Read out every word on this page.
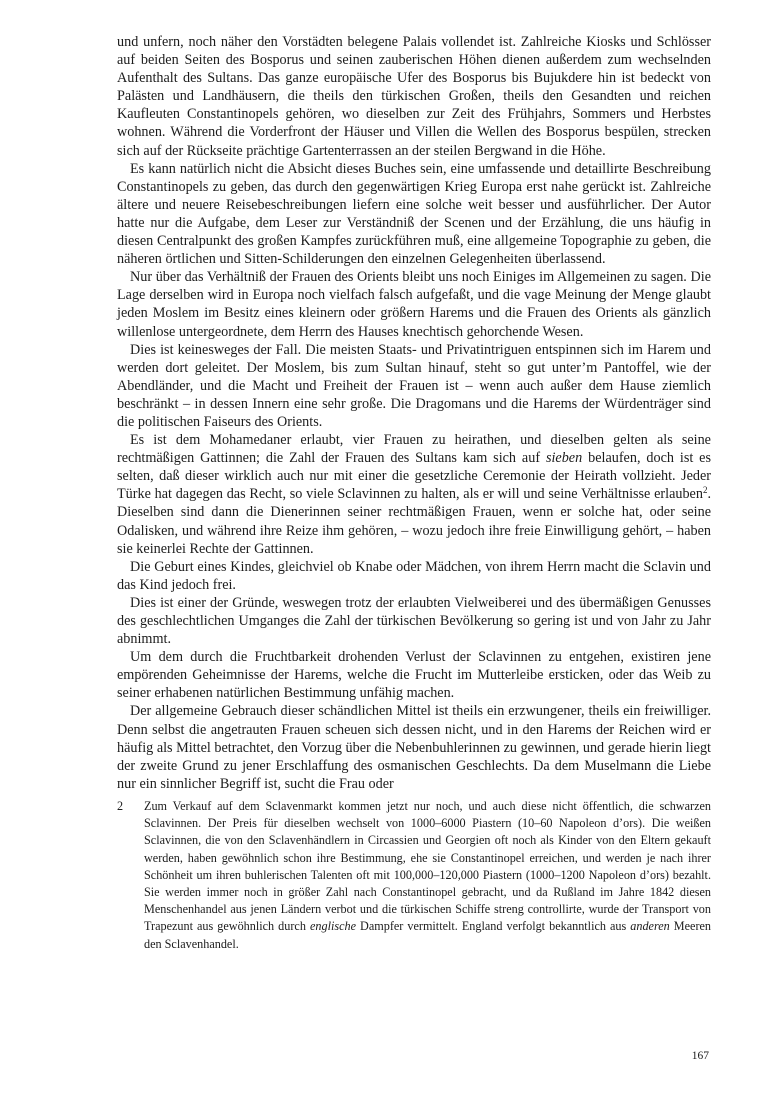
und unfern, noch näher den Vorstädten belegene Palais vollendet ist. Zahlreiche Kiosks und Schlösser auf beiden Seiten des Bosporus und seinen zauberischen Höhen dienen außerdem zum wechselnden Aufenthalt des Sultans. Das ganze europäische Ufer des Bosporus bis Bujukdere hin ist bedeckt von Palästen und Landhäusern, die theils den türkischen Großen, theils den Gesandten und reichen Kaufleuten Constantinopels gehören, wo dieselben zur Zeit des Frühjahrs, Sommers und Herbstes wohnen. Während die Vorderfront der Häuser und Villen die Wellen des Bosporus bespülen, strecken sich auf der Rückseite prächtige Gartenterrassen an der steilen Bergwand in die Höhe.

Es kann natürlich nicht die Absicht dieses Buches sein, eine umfassende und detaillirte Beschreibung Constantinopels zu geben, das durch den gegenwärtigen Krieg Europa erst nahe gerückt ist. Zahlreiche ältere und neuere Reisebeschreibungen liefern eine solche weit besser und ausführlicher. Der Autor hatte nur die Aufgabe, dem Leser zur Verständniß der Scenen und der Erzählung, die uns häufig in diesen Centralpunkt des großen Kampfes zurückführen muß, eine allgemeine Topographie zu geben, die näheren örtlichen und Sitten-Schilderungen den einzelnen Gelegenheiten überlassend.

Nur über das Verhältniß der Frauen des Orients bleibt uns noch Einiges im Allgemeinen zu sagen. Die Lage derselben wird in Europa noch vielfach falsch aufgefaßt, und die vage Meinung der Menge glaubt jeden Moslem im Besitz eines kleinern oder größern Harems und die Frauen des Orients als gänzlich willenlose untergeordnete, dem Herrn des Hauses knechtisch gehorchende Wesen.

Dies ist keinesweges der Fall. Die meisten Staats- und Privatintriguen entspinnen sich im Harem und werden dort geleitet. Der Moslem, bis zum Sultan hinauf, steht so gut unter’m Pantoffel, wie der Abendländer, und die Macht und Freiheit der Frauen ist – wenn auch außer dem Hause ziemlich beschränkt – in dessen Innern eine sehr große. Die Dragomans und die Harems der Würdenträger sind die politischen Faiseurs des Orients.

Es ist dem Mohamedaner erlaubt, vier Frauen zu heirathen, und dieselben gelten als seine rechtmäßigen Gattinnen; die Zahl der Frauen des Sultans kam sich auf sieben belaufen, doch ist es selten, daß dieser wirklich auch nur mit einer die gesetzliche Ceremonie der Heirath vollzieht. Jeder Türke hat dagegen das Recht, so viele Sclavinnen zu halten, als er will und seine Verhältnisse erlauben$^2$. Dieselben sind dann die Dienerinnen seiner rechtmäßigen Frauen, wenn er solche hat, oder seine Odalisken, und während ihre Reize ihm gehören, – wozu jedoch ihre freie Einwilligung gehört, – haben sie keinerlei Rechte der Gattinnen.

Die Geburt eines Kindes, gleichviel ob Knabe oder Mädchen, von ihrem Herrn macht die Sclavin und das Kind jedoch frei.

Dies ist einer der Gründe, weswegen trotz der erlaubten Vielweiberei und des übermäßigen Genusses des geschlechtlichen Umganges die Zahl der türkischen Bevölkerung so gering ist und von Jahr zu Jahr abnimmt.

Um dem durch die Fruchtbarkeit drohenden Verlust der Sclavinnen zu entgehen, existiren jene empörenden Geheimnisse der Harems, welche die Frucht im Mutterleibe ersticken, oder das Weib zu seiner erhabenen natürlichen Bestimmung unfähig machen.

Der allgemeine Gebrauch dieser schändlichen Mittel ist theils ein erzwungener, theils ein freiwilliger. Denn selbst die angetrauten Frauen scheuen sich dessen nicht, und in den Harems der Reichen wird er häufig als Mittel betrachtet, den Vorzug über die Nebenbuhlerinnen zu gewinnen, und gerade hierin liegt der zweite Grund zu jener Erschlaffung des osmanischen Geschlechts. Da dem Muselmann die Liebe nur ein sinnlicher Begriff ist, sucht die Frau oder

2 Zum Verkauf auf dem Sclavenmarkt kommen jetzt nur noch, und auch diese nicht öffentlich, die schwarzen Sclavinnen. Der Preis für dieselben wechselt von 1000–6000 Piastern (10–60 Napoleon d’ors). Die weißen Sclavinnen, die von den Sclavenhändlern in Circassien und Georgien oft noch als Kinder von den Eltern gekauft werden, haben gewöhnlich schon ihre Bestimmung, ehe sie Constantinopel erreichen, und werden je nach ihrer Schönheit um ihren buhlerischen Talenten oft mit 100,000–120,000 Piastern (1000–1200 Napoleon d’ors) bezahlt. Sie werden immer noch in größer Zahl nach Constantinopel gebracht, und da Rußland im Jahre 1842 diesen Menschenhandel aus jenen Ländern verbot und die türkischen Schiffe streng controllirte, wurde der Transport von Trapezunt aus gewöhnlich durch englische Dampfer vermittelt. England verfolgt bekanntlich aus anderen Meeren den Sclavenhandel.
167
